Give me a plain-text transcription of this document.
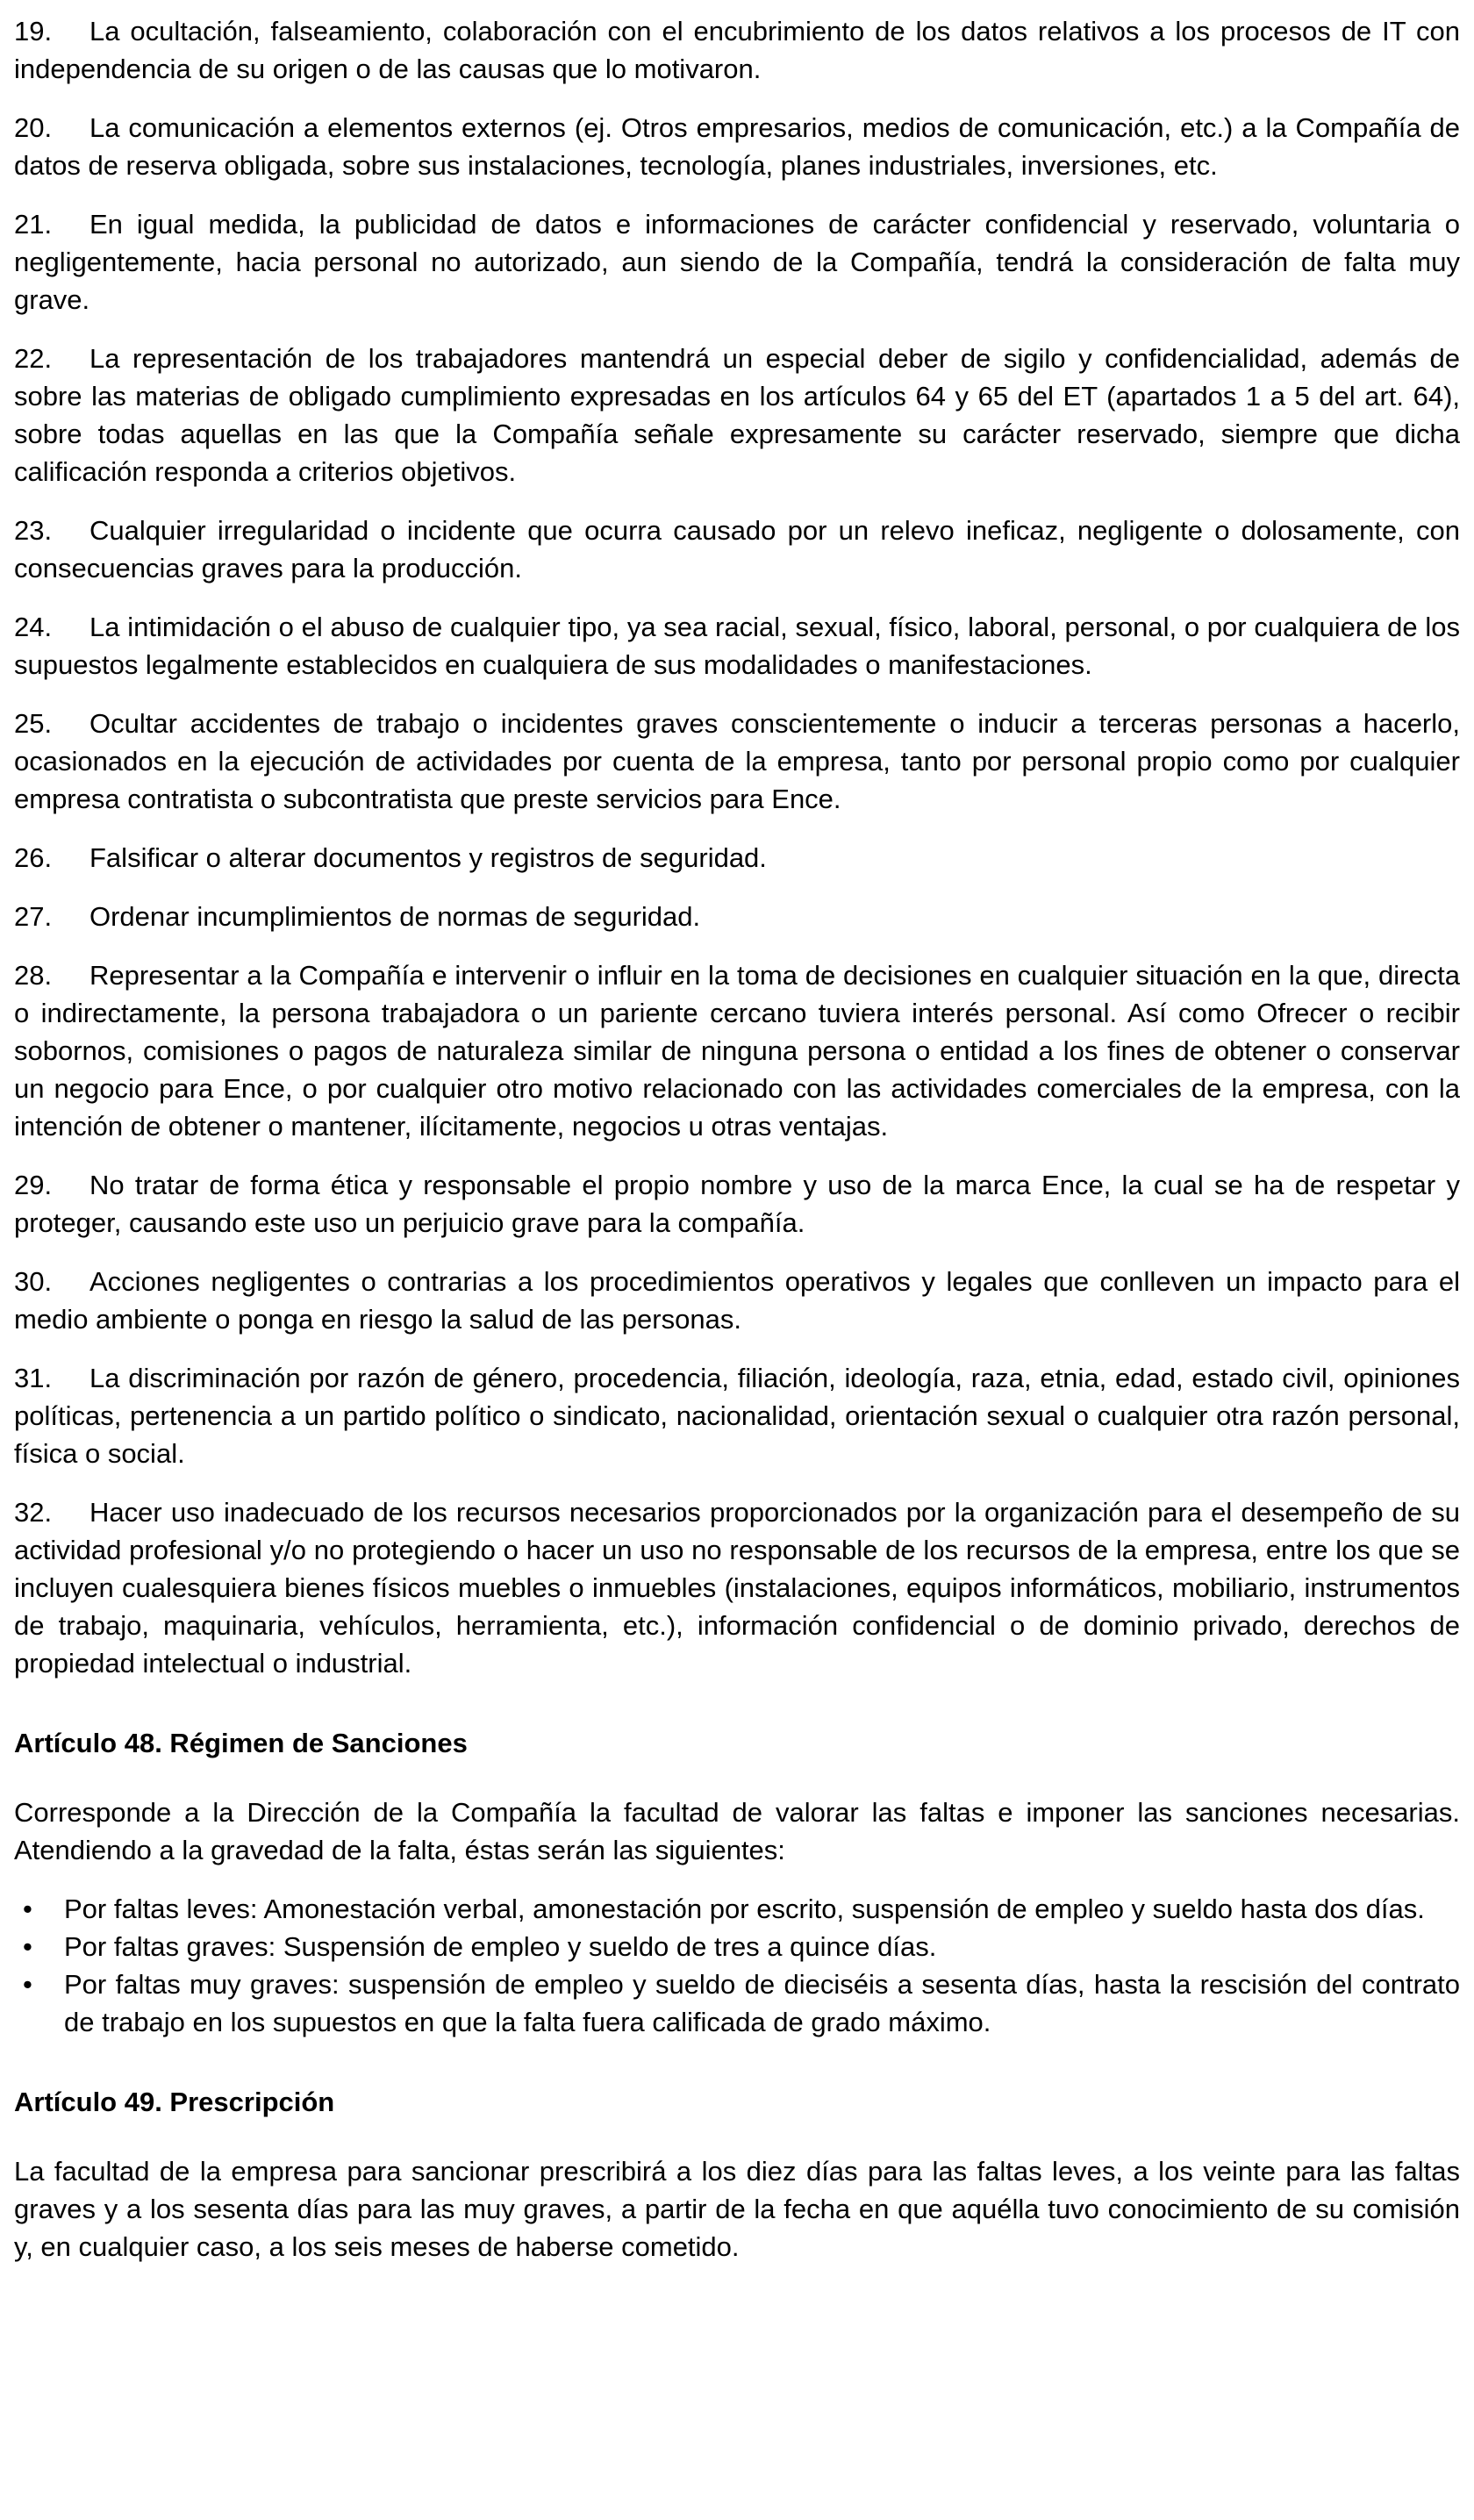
19. La ocultación, falseamiento, colaboración con el encubrimiento de los datos relativos a los procesos de IT con independencia de su origen o de las causas que lo motivaron.

20. La comunicación a elementos externos (ej. Otros empresarios, medios de comunicación, etc.) a la Compañía de datos de reserva obligada, sobre sus instalaciones, tecnología, planes industriales, inversiones, etc.

21. En igual medida, la publicidad de datos e informaciones de carácter confidencial y reservado, voluntaria o negligentemente, hacia personal no autorizado, aun siendo de la Compañía, tendrá la consideración de falta muy grave.

22. La representación de los trabajadores mantendrá un especial deber de sigilo y confidencialidad, además de sobre las materias de obligado cumplimiento expresadas en los artículos 64 y 65 del ET (apartados 1 a 5 del art. 64), sobre todas aquellas en las que la Compañía señale expresamente su carácter reservado, siempre que dicha calificación responda a criterios objetivos.

23. Cualquier irregularidad o incidente que ocurra causado por un relevo ineficaz, negligente o dolosamente, con consecuencias graves para la producción.

24. La intimidación o el abuso de cualquier tipo, ya sea racial, sexual, físico, laboral, personal, o por cualquiera de los supuestos legalmente establecidos en cualquiera de sus modalidades o manifestaciones.

25. Ocultar accidentes de trabajo o incidentes graves conscientemente o inducir a terceras personas a hacerlo, ocasionados en la ejecución de actividades por cuenta de la empresa, tanto por personal propio como por cualquier empresa contratista o subcontratista que preste servicios para Ence.

26. Falsificar o alterar documentos y registros de seguridad.

27. Ordenar incumplimientos de normas de seguridad.

28. Representar a la Compañía e intervenir o influir en la toma de decisiones en cualquier situación en la que, directa o indirectamente, la persona trabajadora o un pariente cercano tuviera interés personal. Así como Ofrecer o recibir sobornos, comisiones o pagos de naturaleza similar de ninguna persona o entidad a los fines de obtener o conservar un negocio para Ence, o por cualquier otro motivo relacionado con las actividades comerciales de la empresa, con la intención de obtener o mantener, ilícitamente, negocios u otras ventajas.

29. No tratar de forma ética y responsable el propio nombre y uso de la marca Ence, la cual se ha de respetar y proteger, causando este uso un perjuicio grave para la compañía.

30. Acciones negligentes o contrarias a los procedimientos operativos y legales que conlleven un impacto para el medio ambiente o ponga en riesgo la salud de las personas.

31. La discriminación por razón de género, procedencia, filiación, ideología, raza, etnia, edad, estado civil, opiniones políticas, pertenencia a un partido político o sindicato, nacionalidad, orientación sexual o cualquier otra razón personal, física o social.

32. Hacer uso inadecuado de los recursos necesarios proporcionados por la organización para el desempeño de su actividad profesional y/o no protegiendo o hacer un uso no responsable de los recursos de la empresa, entre los que se incluyen cualesquiera bienes físicos muebles o inmuebles (instalaciones, equipos informáticos, mobiliario, instrumentos de trabajo, maquinaria, vehículos, herramienta, etc.), información confidencial o de dominio privado, derechos de propiedad intelectual o industrial.

Artículo 48. Régimen de Sanciones

Corresponde a la Dirección de la Compañía la facultad de valorar las faltas e imponer las sanciones necesarias. Atendiendo a la gravedad de la falta, éstas serán las siguientes:

• Por faltas leves: Amonestación verbal, amonestación por escrito, suspensión de empleo y sueldo hasta dos días.
• Por faltas graves: Suspensión de empleo y sueldo de tres a quince días.
• Por faltas muy graves: suspensión de empleo y sueldo de dieciséis a sesenta días, hasta la rescisión del contrato de trabajo en los supuestos en que la falta fuera calificada de grado máximo.

Artículo 49. Prescripción

La facultad de la empresa para sancionar prescribirá a los diez días para las faltas leves, a los veinte para las faltas graves y a los sesenta días para las muy graves, a partir de la fecha en que aquélla tuvo conocimiento de su comisión y, en cualquier caso, a los seis meses de haberse cometido.
